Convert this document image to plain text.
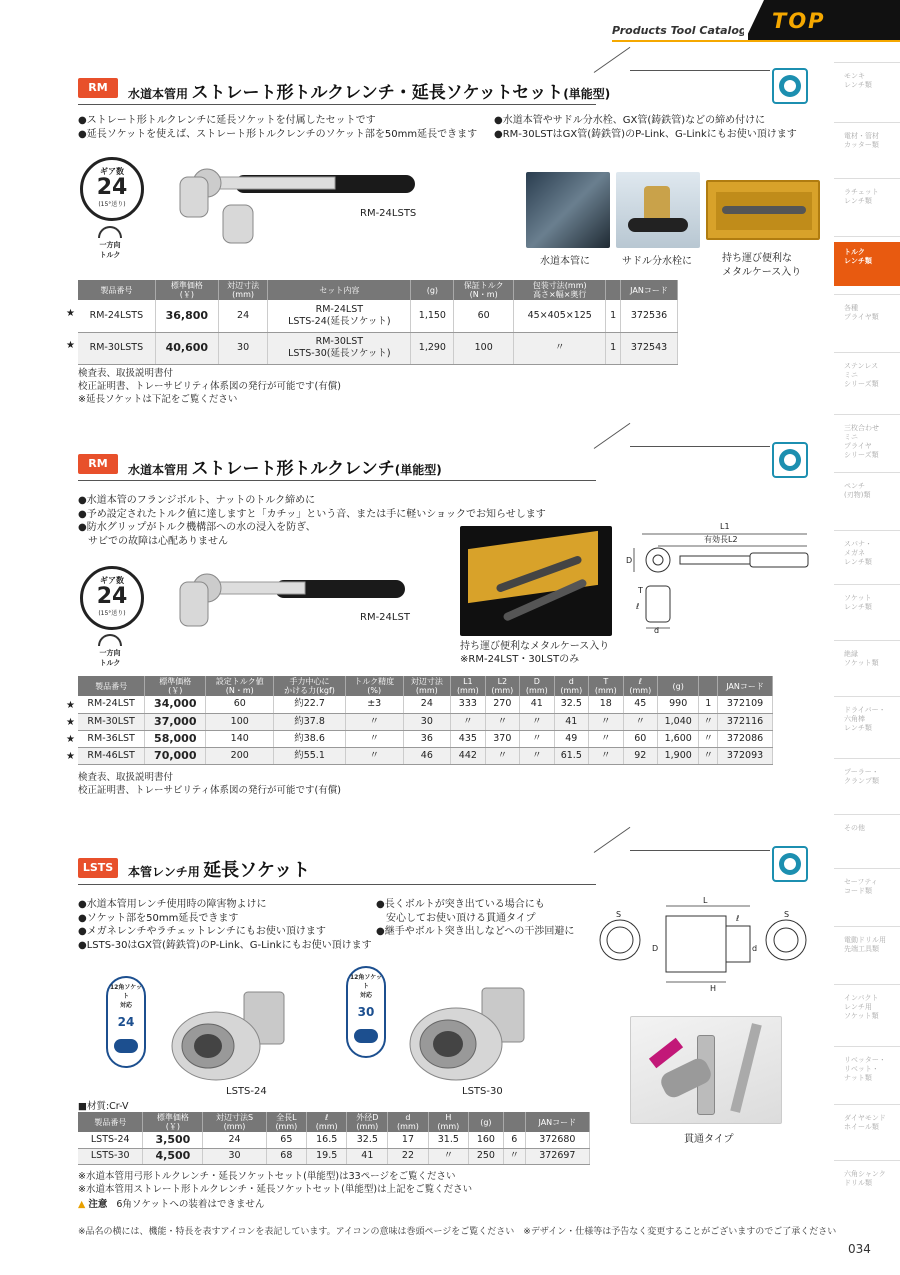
Products Tool Catalog TOP
モンキ
レンチ類
電材・管材
カッター類
ラチェット
レンチ類
トルク
レンチ類
各種
プライヤ類
ステンレス
ミニ
シリーズ類
三枚合わせ
ミニ
プライヤ
シリーズ類
ペンチ
(刃物)類
スパナ・
メガネ
レンチ類
ソケット
レンチ類
絶縁
ソケット類
ドライバー・
六角棒
レンチ類
プーラー・
クランプ類
その他
セーフティ
コード類
電動ドリル用
先端工具類
インパクト
レンチ用
ソケット類
リベッター・
リベット・
ナット類
ダイヤモンド
ホイール類
六角シャンク
ドリル類
RM	水道本管用 ストレート形トルクレンチ・延長ソケットセット(単能型)
●ストレート形トルクレンチに延長ソケットを付属したセットです
●延長ソケットを使えば、ストレート形トルクレンチのソケット部を50mm延長できます
●水道本管やサドル分水栓、GX管(鋳鉄管)などの締め付けに
●RM-30LSTはGX管(鋳鉄管)のP-Link、G-Linkにもお使い頂けます
ギア数
24
(15°送り)
一方向
トルク
RM-24LSTS
水道本管に	サドル分水栓に	持ち運び便利な
メタルケース入り
★
★
製品番号	標準価格
(￥)	対辺寸法
(mm)	セット内容	(g)	保証トルク
(N・m)	包装寸法(mm)
高さ×幅×奥行		JANコード
RM-24LSTS	36,800	24	RM-24LST
LSTS-24(延長ソケット)	1,150	60	45×405×125	1	372536
RM-30LSTS	40,600	30	RM-30LST
LSTS-30(延長ソケット)	1,290	100	〃	1	372543
検査表、取扱説明書付
校正証明書、トレーサビリティ体系図の発行が可能です(有償)
※延長ソケットは下記をご覧ください
RM	水道本管用 ストレート形トルクレンチ(単能型)
●水道本管のフランジボルト、ナットのトルク締めに
●予め設定されたトルク値に達しますと「カチッ」という音、または手に軽いショックでお知らせします
●防水グリップがトルク機構部への水の浸入を防ぎ、
　サビでの故障は心配ありません
ギア数
24
(15°送り)
一方向
トルク
RM-24LST
持ち運び便利なメタルケース入り
※RM-24LST・30LSTのみ
L1
有効長L2
D
T
ℓ
d
★
★
★
★
製品番号	標準価格
(￥)	設定トルク値
(N・m)	手力中心に
かける力(kgf)	トルク精度
(%)	対辺寸法
(mm)	L1
(mm)	L2
(mm)	D
(mm)	d
(mm)	T
(mm)	ℓ
(mm)	(g)		JANコード
RM-24LST	34,000	60	約22.7	±3	24	333	270	41	32.5	18	45	990	1	372109
RM-30LST	37,000	100	約37.8	〃	30	〃	〃	〃	41	〃	〃	1,040	〃	372116
RM-36LST	58,000	140	約38.6	〃	36	435	370	〃	49	〃	60	1,600	〃	372086
RM-46LST	70,000	200	約55.1	〃	46	442	〃	〃	61.5	〃	92	1,900	〃	372093
検査表、取扱説明書付
校正証明書、トレーサビリティ体系図の発行が可能です(有償)
LSTS	本管レンチ用 延長ソケット
●水道本管用レンチ使用時の障害物よけに
●ソケット部を50mm延長できます
●メガネレンチやラチェットレンチにもお使い頂けます
●LSTS-30はGX管(鋳鉄管)のP-Link、G-Linkにもお使い頂けます
●長くボルトが突き出ている場合にも
　安心してお使い頂ける貫通タイプ
●継手やボルト突き出しなどへの干渉回避に
S
L
ℓ
D	d
H
S
12角ソケット
対応
24
LSTS-24
12角ソケット
対応
30
LSTS-30
貫通タイプ
■材質:Cr-V
製品番号	標準価格
(￥)	対辺寸法S
(mm)	全長L
(mm)	ℓ
(mm)	外径D
(mm)	d
(mm)	H
(mm)	(g)		JANコード
LSTS-24	3,500	24	65	16.5	32.5	17	31.5	160	6	372680
LSTS-30	4,500	30	68	19.5	41	22	〃	250	〃	372697
※水道本管用弓形トルクレンチ・延長ソケットセット(単能型)は33ページをご覧ください
※水道本管用ストレート形トルクレンチ・延長ソケットセット(単能型)は上記をご覧ください
▲ 注意 6角ソケットへの装着はできません
※品名の横には、機能・特長を表すアイコンを表記しています。アイコンの意味は巻頭ページをご覧ください　※デザイン・仕様等は予告なく変更することがございますのでご了承ください
034
